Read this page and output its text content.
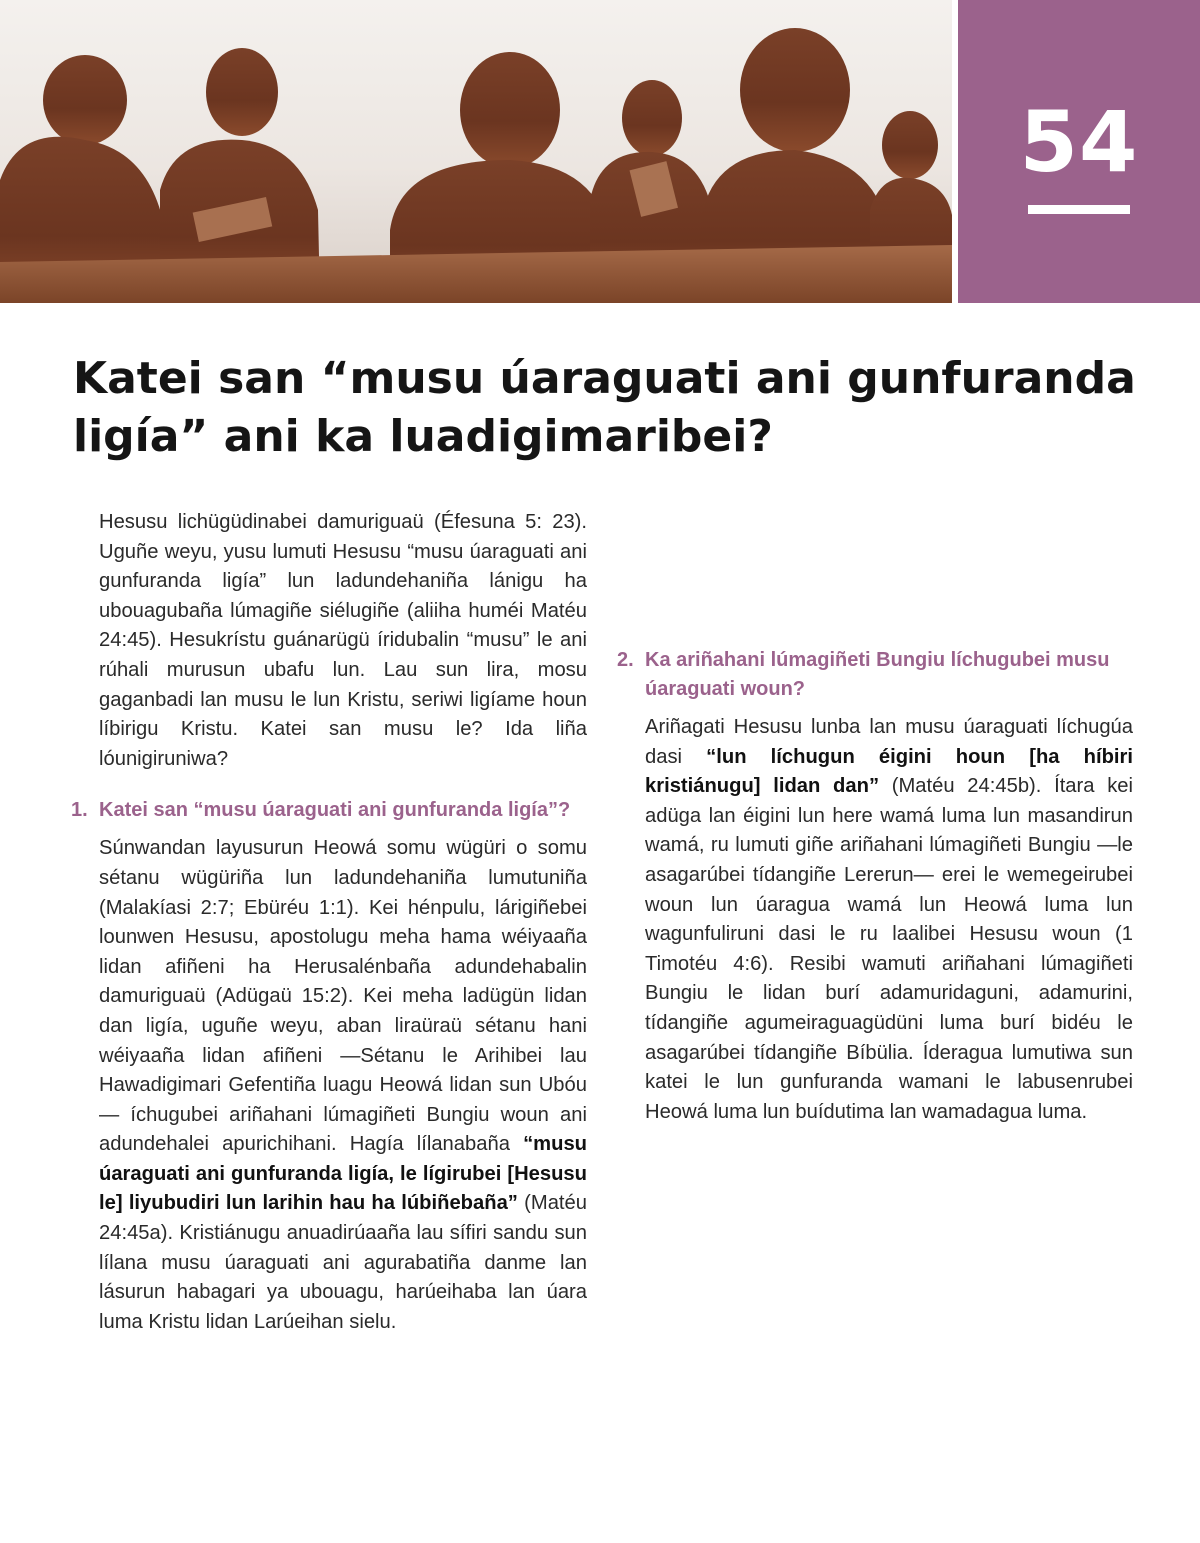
54
Katei san “musu úaraguati ani gunfuranda ligía” ani ka luadigimaribei?

Hesusu lichügüdinabei damuriguaü (Éfesuna 5: 23). Uguñe weyu, yusu lumuti Hesusu “musu úaraguati ani gunfuranda ligía” lun ladundehaniña lánigu ha ubouagubaña lúmagiñe siélugiñe (aliiha huméi Matéu 24:45). Hesukrístu guánarügü íridubalin “musu” le ani rúhali murusun ubafu lun. Lau sun lira, mosu gaganbadi lan musu le lun Kristu, seriwi ligíame houn líbirigu Kristu. Katei san musu le? Ida liña lóunigiruniwa?

1. Katei san “musu úaraguati ani gunfuranda ligía”?

Súnwandan layusurun Heowá somu wügüri o somu sétanu wügüriña lun ladundehaniña lumutuniña (Malakíasi 2:7; Ebüréu 1:1). Kei hénpulu, lárigiñebei lounwen Hesusu, apostolugu meha hama wéiyaaña lidan afiñeni ha Herusalénbaña adundehabalin damuriguaü (Adügaü 15:2). Kei meha ladügün lidan dan ligía, uguñe weyu, aban liraüraü sétanu hani wéiyaaña lidan afiñeni —Sétanu le Arihibei lau Hawadigimari Gefentiña luagu Heowá lidan sun Ubóu— íchugubei ariñahani lúmagiñeti Bungiu woun ani adundehalei apurichihani. Hagía lílanabaña “musu úaraguati ani gunfuranda ligía, le lígirubei [Hesusu le] liyubudiri lun larihin hau ha lúbiñebaña” (Matéu 24:45a). Kristiánugu anuadirúaaña lau sífiri sandu sun lílana musu úaraguati ani agurabatiña danme lan lásurun habagari ya ubouagu, harúeihaba lan úara luma Kristu lidan Larúeihan sielu.

2. Ka ariñahani lúmagiñeti Bungiu líchugubei musu úaraguati woun?

Ariñagati Hesusu lunba lan musu úaraguati líchugúa dasi “lun líchugun éigini houn [ha híbiri kristiánugu] lidan dan” (Matéu 24:45b). Ítara kei adüga lan éigini lun here wamá luma lun masandirun wamá, ru lumuti giñe ariñahani lúmagiñeti Bungiu —le asagarúbei tídangiñe Lererun— erei le wemegeirubei woun lun úaragua wamá lun Heowá luma lun wagunfuliruni dasi le ru laalibei Hesusu woun (1 Timotéu 4:6). Resibi wamuti ariñahani lúmagiñeti Bungiu le lidan burí adamuridaguni, adamurini, tídangiñe agumeiraguagüdüni luma burí bidéu le asagarúbei tídangiñe Bíbülia. Íderagua lumutiwa sun katei le lun gunfuranda wamani le labusenrubei Heowá luma lun buídutima lan wamadagua luma.
